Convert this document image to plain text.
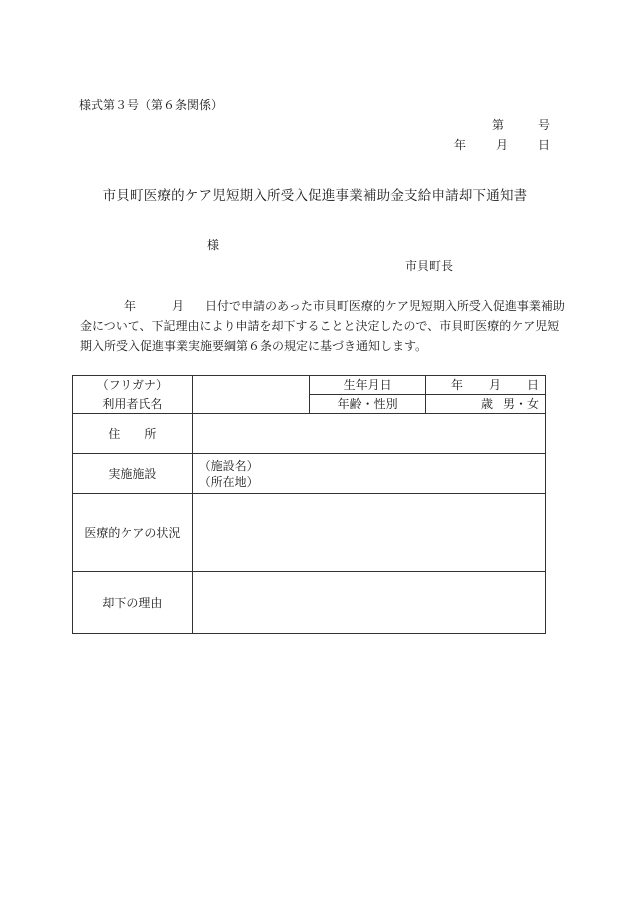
様式第３号（第６条関係）
第	号
年	月	日
市貝町医療的ケア児短期入所受入促進事業補助金支給申請却下通知書
様
市貝町長

年	月 日付で申請のあった市貝町医療的ケア児短期入所受入促進事業補助

金について、下記理由により申請を却下することと決定したので、市貝町医療的ケア児短

期入所受入促進事業実施要綱第６条の規定に基づき通知します。

（フリガナ）		生年月日	年 月 日
利用者氏名		年齢・性別	歳 男・女
住 所			
実施施設	（施設名）
（所在地）		

医療的ケアの状況			
却下の理由			
